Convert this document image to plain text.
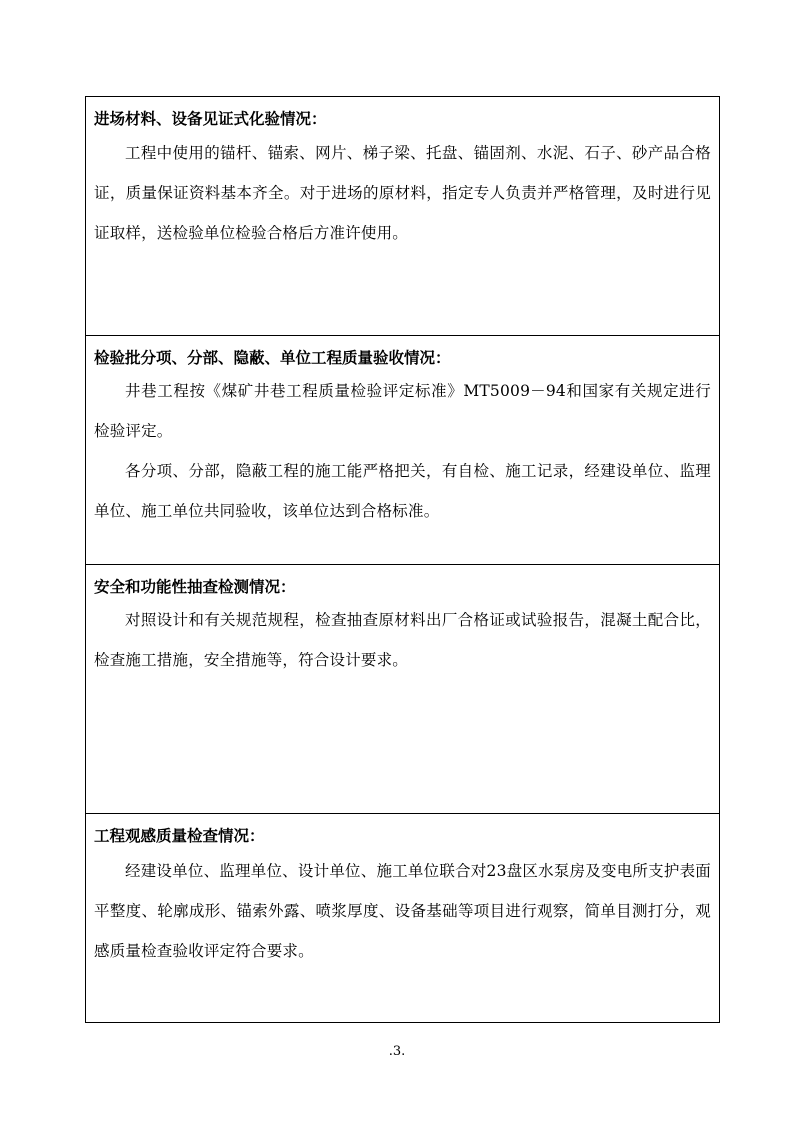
进场材料、设备见证式化验情况：

工程中使用的锚杆、锚索、网片、梯子梁、托盘、锚固剂、水泥、石子、砂产品合格证，质量保证资料基本齐全。对于进场的原材料，指定专人负责并严格管理，及时进行见证取样，送检验单位检验合格后方准许使用。

检验批分项、分部、隐蔽、单位工程质量验收情况：

井巷工程按《煤矿井巷工程质量检验评定标准》MT5009－94和国家有关规定进行检验评定。

各分项、分部，隐蔽工程的施工能严格把关，有自检、施工记录，经建设单位、监理单位、施工单位共同验收，该单位达到合格标准。

安全和功能性抽查检测情况：

对照设计和有关规范规程，检查抽查原材料出厂合格证或试验报告，混凝土配合比，检查施工措施，安全措施等，符合设计要求。

工程观感质量检查情况：

经建设单位、监理单位、设计单位、施工单位联合对23盘区水泵房及变电所支护表面平整度、轮廓成形、锚索外露、喷浆厚度、设备基础等项目进行观察，简单目测打分，观感质量检查验收评定符合要求。

.3.
